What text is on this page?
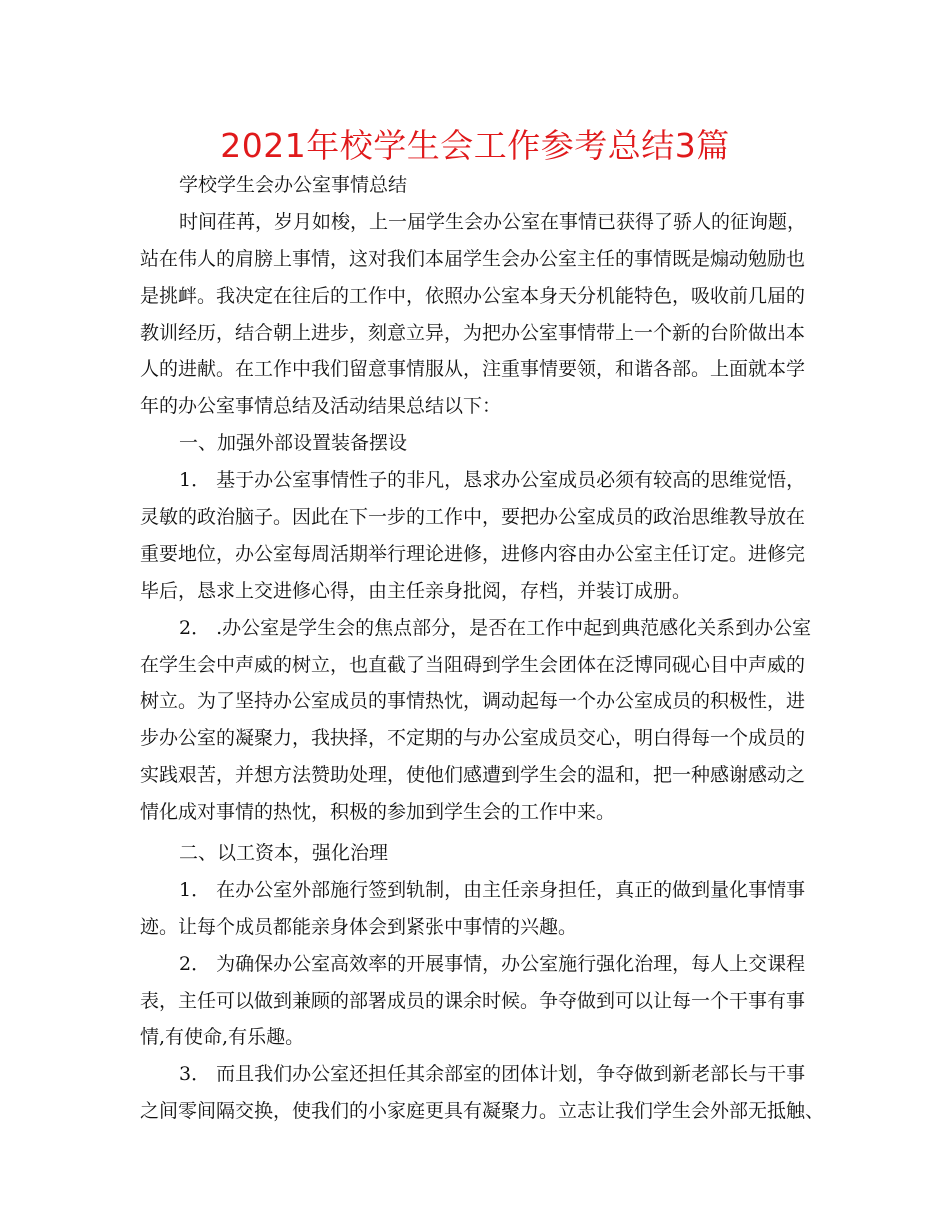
2021年校学生会工作参考总结3篇
学校学生会办公室事情总结
时间荏苒，岁月如梭，上一届学生会办公室在事情已获得了骄人的征询题，
站在伟人的肩膀上事情，这对我们本届学生会办公室主任的事情既是煽动勉励也
是挑衅。我决定在往后的工作中，依照办公室本身天分机能特色，吸收前几届的
教训经历，结合朝上进步，刻意立异，为把办公室事情带上一个新的台阶做出本
人的进献。在工作中我们留意事情服从，注重事情要领，和谐各部。上面就本学
年的办公室事情总结及活动结果总结以下：
一、加强外部设置装备摆设
1． 基于办公室事情性子的非凡，恳求办公室成员必须有较高的思维觉悟，
灵敏的政治脑子。因此在下一步的工作中，要把办公室成员的政治思维教导放在
重要地位，办公室每周活期举行理论进修，进修内容由办公室主任订定。进修完
毕后，恳求上交进修心得，由主任亲身批阅，存档，并装订成册。
2． .办公室是学生会的焦点部分，是否在工作中起到典范感化关系到办公室
在学生会中声威的树立，也直截了当阻碍到学生会团体在泛博同砚心目中声威的
树立。为了坚持办公室成员的事情热忱，调动起每一个办公室成员的积极性，进
步办公室的凝聚力，我抉择，不定期的与办公室成员交心，明白得每一个成员的
实践艰苦，并想方法赞助处理，使他们感遭到学生会的温和，把一种感谢感动之
情化成对事情的热忱，积极的参加到学生会的工作中来。
二、以工资本，强化治理
1． 在办公室外部施行签到轨制，由主任亲身担任，真正的做到量化事情事
迹。让每个成员都能亲身体会到紧张中事情的兴趣。
2． 为确保办公室高效率的开展事情，办公室施行强化治理，每人上交课程
表，主任可以做到兼顾的部署成员的课余时候。争夺做到可以让每一个干事有事
情,有使命,有乐趣。
3． 而且我们办公室还担任其余部室的团体计划，争夺做到新老部长与干事
之间零间隔交换，使我们的小家庭更具有凝聚力。立志让我们学生会外部无抵触、
